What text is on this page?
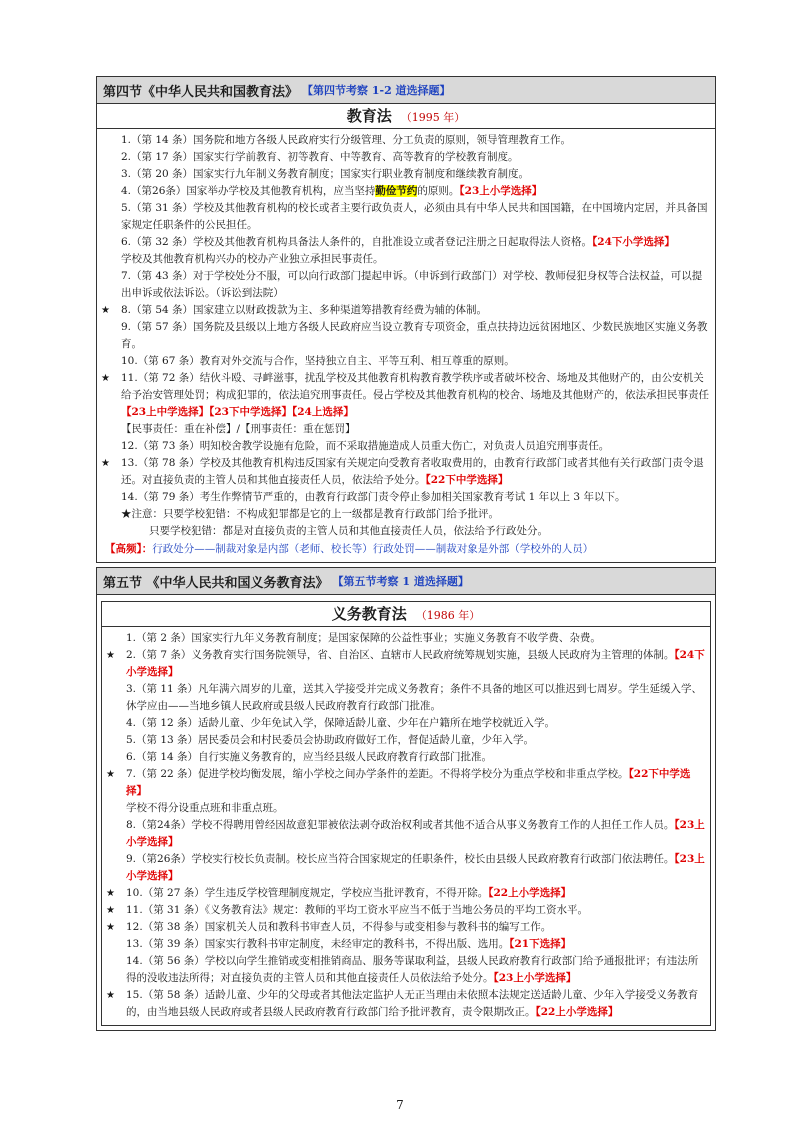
第四节《中华人民共和国教育法》 【第四节考察 1-2 道选择题】
教育法 （1995 年）
1.（第 14 条）国务院和地方各级人民政府实行分级管理、分工负责的原则，领导管理教育工作。
2.（第 17 条）国家实行学前教育、初等教育、中等教育、高等教育的学校教育制度。
3.（第 20 条）国家实行九年制义务教育制度；国家实行职业教育制度和继续教育制度。
4.（第26条）国家举办学校及其他教育机构，应当坚持勤俭节约的原则。【23上小学选择】
5.（第 31 条）学校及其他教育机构的校长或者主要行政负责人，必须由具有中华人民共和国国籍，在中国境内定居，并具备国家规定任职条件的公民担任。
6.（第 32 条）学校及其他教育机构具备法人条件的，自批准设立或者登记注册之日起取得法人资格。【24下小学选择】
学校及其他教育机构兴办的校办产业独立承担民事责任。
7.（第 43 条）对于学校处分不服，可以向行政部门提起申诉。（申诉到行政部门）对学校、教师侵犯身权等合法权益，可以提出申诉或依法诉讼。（诉讼到法院）
★ 8.（第 54 条）国家建立以财政拨款为主、多种渠道筹措教育经费为辅的体制。
9.（第 57 条）国务院及县级以上地方各级人民政府应当设立教育专项资金，重点扶持边远贫困地区、少数民族地区实施义务教育。
10.（第 67 条）教育对外交流与合作，坚持独立自主、平等互利、相互尊重的原则。
★ 11.（第 72 条）结伙斗殴、寻衅滋事，扰乱学校及其他教育机构教育教学秩序或者破坏校舍、场地及其他财产的，由公安机关给予治安管理处罚；构成犯罪的，依法追究刑事责任。侵占学校及其他教育机构的校舍、场地及其他财产的，依法承担民事责任【23上中学选择】【23下中学选择】【24上选择】
【民事责任：重在补偿】/【刑事责任：重在惩罚】
12.（第 73 条）明知校舍教学设施有危险，而不采取措施造成人员重大伤亡，对负责人员追究刑事责任。
★ 13.（第 78 条）学校及其他教育机构违反国家有关规定向受教育者收取费用的，由教育行政部门或者其他有关行政部门责令退还。对直接负责的主管人员和其他直接责任人员，依法给予处分。【22下中学选择】
14.（第 79 条）考生作弊情节严重的，由教育行政部门责令停止参加相关国家教育考试 1 年以上 3 年以下。
★注意：只要学校犯错：不构成犯罪都是它的上一级都是教育行政部门给予批评。
只要学校犯错：都是对直接负责的主管人员和其他直接责任人员，依法给予行政处分。
【高频】：行政处分——制裁对象是内部（老师、校长等）行政处罚——制裁对象是外部（学校外的人员）
第五节 《中华人民共和国义务教育法》 【第五节考察 1 道选择题】
义务教育法 （1986 年）
1.（第 2 条）国家实行九年义务教育制度；是国家保障的公益性事业；实施义务教育不收学费、杂费。
★ 2.（第 7 条）义务教育实行国务院领导，省、自治区、直辖市人民政府统筹规划实施，县级人民政府为主管理的体制。【24下小学选择】
3.（第 11 条）凡年满六周岁的儿童，送其入学接受并完成义务教育；条件不具备的地区可以推迟到七周岁。学生延缓入学、休学应由——当地乡镇人民政府或县级人民政府教育行政部门批准。
4.（第 12 条）适龄儿童、少年免试入学，保障适龄儿童、少年在户籍所在地学校就近入学。
5.（第 13 条）居民委员会和村民委员会协助政府做好工作，督促适龄儿童，少年入学。
6.（第 14 条）自行实施义务教育的，应当经县级人民政府教育行政部门批准。
★ 7.（第 22 条）促进学校均衡发展，缩小学校之间办学条件的差距。不得将学校分为重点学校和非重点学校。【22下中学选择】
学校不得分设重点班和非重点班。
8.（第24条）学校不得聘用曾经因故意犯罪被依法剥夺政治权利或者其他不适合从事义务教育工作的人担任工作人员。【23上小学选择】
9.（第26条）学校实行校长负责制。校长应当符合国家规定的任职条件，校长由县级人民政府教育行政部门依法聘任。【23上小学选择】
★ 10.（第 27 条）学生违反学校管理制度规定，学校应当批评教育，不得开除。【22上小学选择】
★ 11.（第 31 条）《义务教育法》规定：教师的平均工资水平应当不低于当地公务员的平均工资水平。
★ 12.（第 38 条）国家机关人员和教科书审查人员，不得参与或变相参与教科书的编写工作。
13.（第 39 条）国家实行教科书审定制度，未经审定的教科书，不得出版、选用。【21下选择】
14.（第 56 条）学校以向学生推销或变相推销商品、服务等谋取利益，县级人民政府教育行政部门给予通报批评；有违法所得的没收违法所得；对直接负责的主管人员和其他直接责任人员依法给予处分。【23上小学选择】
★ 15.（第 58 条）适龄儿童、少年的父母或者其他法定监护人无正当理由未依照本法规定送适龄儿童、少年入学接受义务教育的，由当地县级人民政府或者县级人民政府教育行政部门给予批评教育，责令限期改正。【22上小学选择】
7
